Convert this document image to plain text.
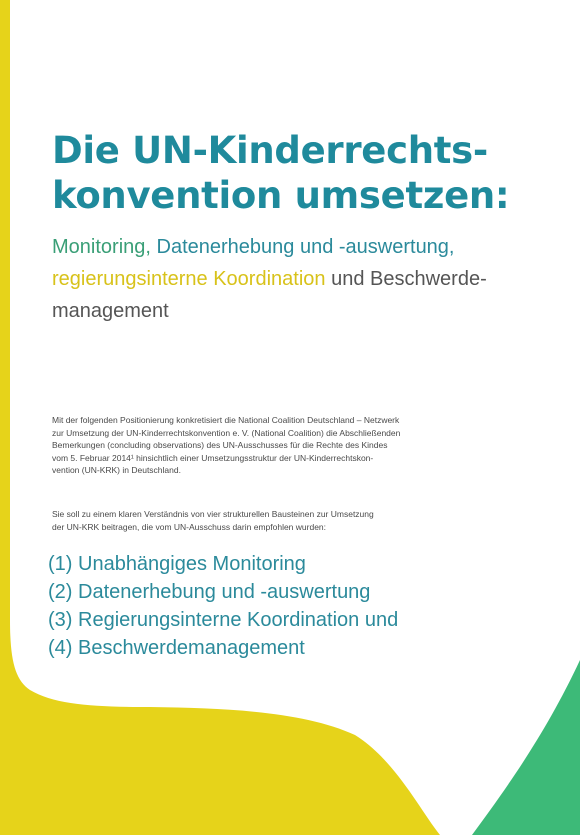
Die UN-Kinderrechts-
konvention umsetzen:
Monitoring, Datenerhebung und -auswertung,
regierungsinterne Koordination und Beschwerde-
management

Mit der folgenden Positionierung konkretisiert die National Coalition Deutschland – Netzwerk
zur Umsetzung der UN-Kinderrechtskonvention e. V. (National Coalition) die Abschließenden
Bemerkungen (concluding observations) des UN-Ausschusses für die Rechte des Kindes
vom 5. Februar 2014¹ hinsichtlich einer Umsetzungsstruktur der UN-Kinderrechtskon-
vention (UN-KRK) in Deutschland.

Sie soll zu einem klaren Verständnis von vier strukturellen Bausteinen zur Umsetzung
der UN-KRK beitragen, die vom UN-Ausschuss darin empfohlen wurden:

(1) Unabhängiges Monitoring
(2) Datenerhebung und -auswertung
(3) Regierungsinterne Koordination und
(4) Beschwerdemanagement
